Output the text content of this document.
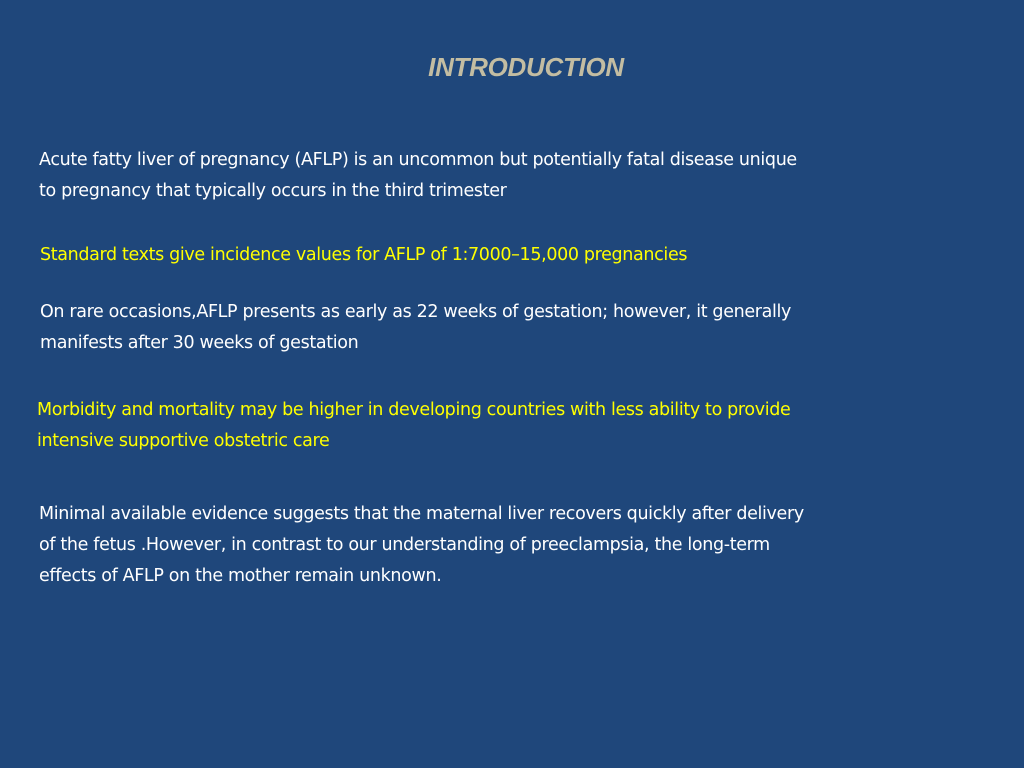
INTRODUCTION

Acute fatty liver of pregnancy (AFLP) is an uncommon but potentially fatal disease unique
to pregnancy that typically occurs in the third trimester

Standard texts give incidence values for AFLP of 1:7000–15,000 pregnancies

On rare occasions,AFLP presents as early as 22 weeks of gestation; however, it generally
manifests after 30 weeks of gestation

Morbidity and mortality may be higher in developing countries with less ability to provide
intensive supportive obstetric care

Minimal available evidence suggests that the maternal liver recovers quickly after delivery
of the fetus .However, in contrast to our understanding of preeclampsia, the long-term
effects of AFLP on the mother remain unknown.
